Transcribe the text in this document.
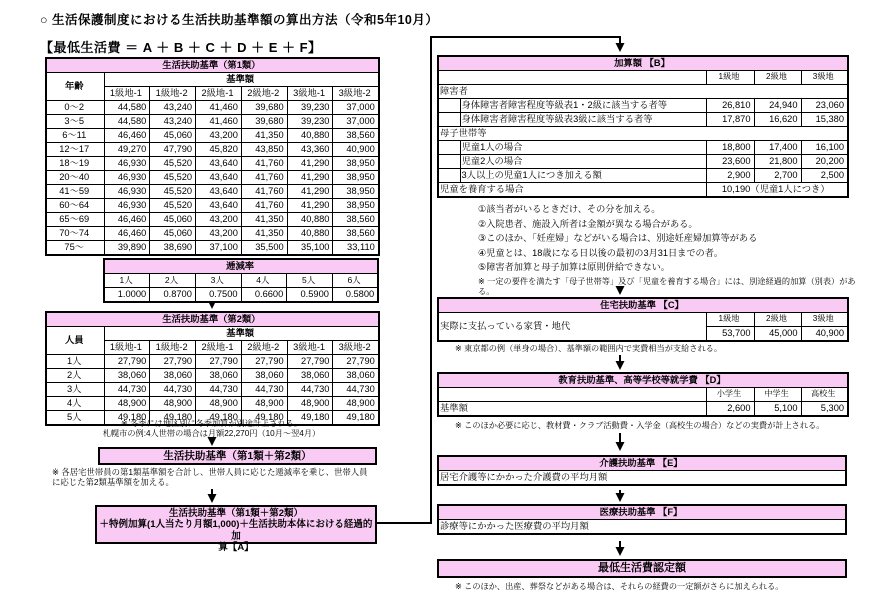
○ 生活保護制度における生活扶助基準額の算出方法（令和5年10月）
【最低生活費 ＝ A ＋ B ＋ C ＋ D ＋ E ＋ F】
生活扶助基準（第1類）						
年齢	基準額					
	1級地-1	1級地-2	2級地-1	2級地-2	3級地-1	3級地-2
0～2	44,580	43,240	41,460	39,680	39,230	37,000
3～5	44,580	43,240	41,460	39,680	39,230	37,000
6～11	46,460	45,060	43,200	41,350	40,880	38,560
12～17	49,270	47,790	45,820	43,850	43,360	40,900
18～19	46,930	45,520	43,640	41,760	41,290	38,950
20～40	46,930	45,520	43,640	41,760	41,290	38,950
41～59	46,930	45,520	43,640	41,760	41,290	38,950
60～64	46,930	45,520	43,640	41,760	41,290	38,950
65～69	46,460	45,060	43,200	41,350	40,880	38,560
70～74	46,460	45,060	43,200	41,350	40,880	38,560
75～	39,890	38,690	37,100	35,500	35,100	33,110
逓減率					
1人	2人	3人	4人	5人	6人
1.0000	0.8700	0.7500	0.6600	0.5900	0.5800
生活扶助基準（第2類）						
人員	基準額					
	1級地-1	1級地-2	2級地-1	2級地-2	3級地-1	3級地-2
1人	27,790	27,790	27,790	27,790	27,790	27,790
2人	38,060	38,060	38,060	38,060	38,060	38,060
3人	44,730	44,730	44,730	44,730	44,730	44,730
4人	48,900	48,900	48,900	48,900	48,900	48,900
5人	49,180	49,180	49,180	49,180	49,180	49,180
※ 冬季には地区別に冬季加算が別途計上される。
札幌市の例:4人世帯の場合は月額22,270円（10月～翌4月）
生活扶助基準（第1類＋第2類）
※ 各居宅世帯員の第1類基準額を合計し、世帯人員に応じた逓減率を乗じ、世帯人員
に応じた第2類基準額を加える。
生活扶助基準（第1類＋第2類）
＋特例加算(1人当たり月額1,000)＋生活扶助本体における経過的加
算【A】
加算額 【B】				
		1級地	2級地	3級地
障害者				
	身体障害者障害程度等級表1・2級に該当する者等	26,810	24,940	23,060
	身体障害者障害程度等級表3級に該当する者等	17,870	16,620	15,380
母子世帯等				
	児童1人の場合	18,800	17,400	16,100
	児童2人の場合	23,600	21,800	20,200
	3人以上の児童1人につき加える額	2,900	2,700	2,500
児童を養育する場合		10,190（児童1人につき）		
①該当者がいるときだけ、その分を加える。
②入院患者、施設入所者は金額が異なる場合がある。
③このほか、「妊産婦」などがいる場合は、別途妊産婦加算等がある
④児童とは、18歳になる日以後の最初の3月31日までの者。
⑤障害者加算と母子加算は原則併給できない。
※ 一定の要件を満たす「母子世帯等」及び「児童を養育する場合」には、別途経過的加算（別表）がある。
住宅扶助基準 【C】			
実際に支払っている家賃・地代	1級地	2級地	3級地
	53,700	45,000	40,900
※ 東京都の例（単身の場合）、基準額の範囲内で実費相当が支給される。
教育扶助基準、高等学校等就学費 【D】			
	小学生	中学生	高校生
基準額	2,600	5,100	5,300
※ このほか必要に応じ、教材費・クラブ活動費・入学金（高校生の場合）などの実費が計上される。
介護扶助基準 【E】
居宅介護等にかかった介護費の平均月額
医療扶助基準 【F】
診療等にかかった医療費の平均月額
最低生活費認定額
※ このほか、出産、葬祭などがある場合は、それらの経費の一定額がさらに加えられる。
